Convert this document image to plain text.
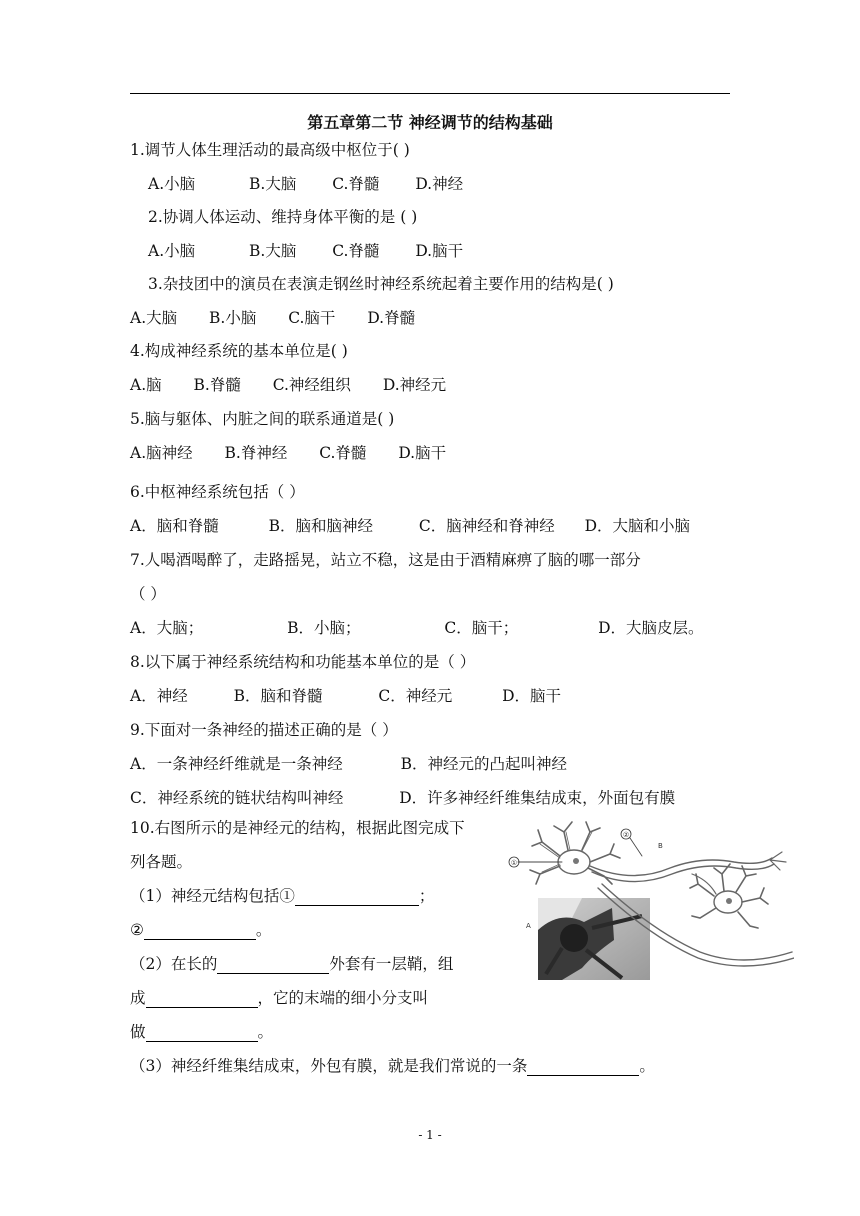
第五章第二节 神经调节的结构基础
1.调节人体生理活动的最高级中枢位于( )
A.小脑	B.大脑 C.脊髓 D.神经
2.协调人体运动、维持身体平衡的是 ( )
A.小脑	B.大脑 C.脊髓 D.脑干
3.杂技团中的演员在表演走钢丝时神经系统起着主要作用的结构是( )
A.大脑 B.小脑 C.脑干 D.脊髓
4.构成神经系统的基本单位是( )
A.脑 B.脊髓 C.神经组织 D.神经元
5.脑与躯体、内脏之间的联系通道是( )
A.脑神经 B.脊神经 C.脊髓 D.脑干
6.中枢神经系统包括（ ）
A．脑和脊髓	B．脑和脑神经	C．脑神经和脊神经 D．大脑和小脑
7.人喝酒喝醉了，走路摇晃，站立不稳，这是由于酒精麻痹了脑的哪一部分
（ ）
A．大脑；	B．小脑；	C．脑干；	D．大脑皮层。
8.以下属于神经系统结构和功能基本单位的是（ ）
A．神经	B．脑和脊髓	C．神经元	D．脑干
9.下面对一条神经的描述正确的是（ ）
A．一条神经纤维就是一条神经	B．神经元的凸起叫神经
C．神经系统的链状结构叫神经	D．许多神经纤维集结成束，外面包有膜
10.右图所示的是神经元的结构，根据此图完成下
列各题。
（1）神经元结构包括①	；
②	。
（2）在长的	外套有一层鞘，组
成	，它的末端的细小分支叫
做	。
（3）神经纤维集结成束，外包有膜，就是我们常说的一条	。
①
②
B
A
- 1 -
